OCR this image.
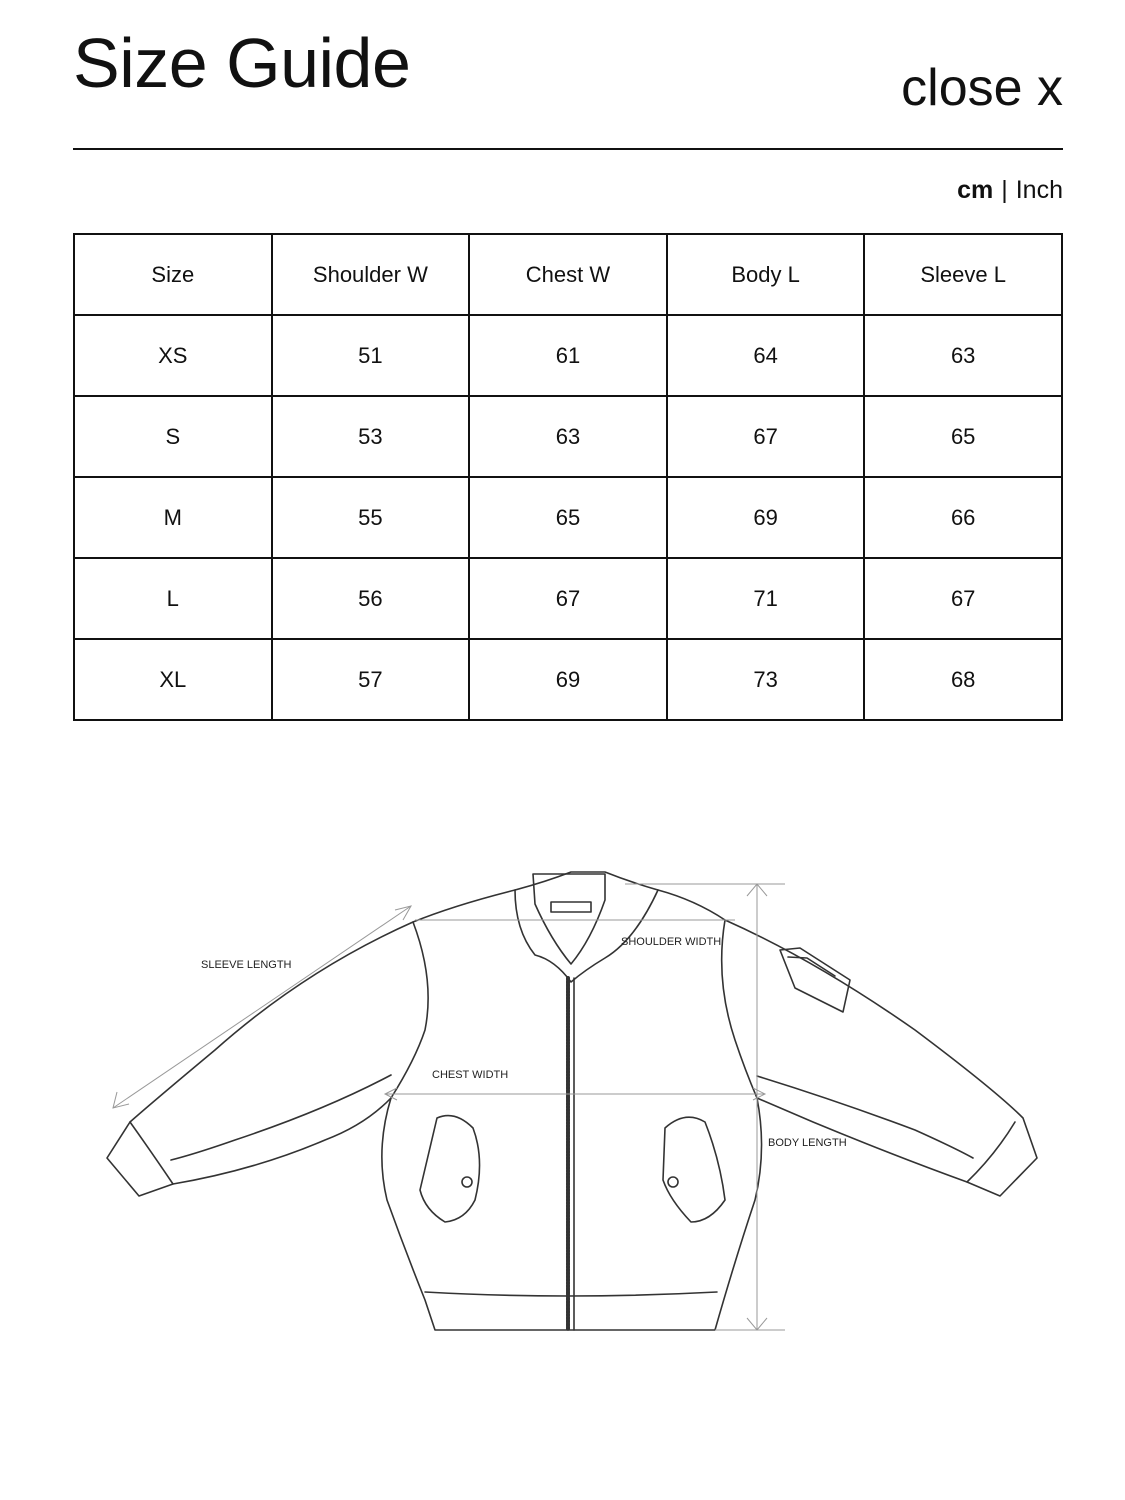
Size Guide	close x
cm | Inch
Size	Shoulder W	Chest W	Body L	Sleeve L
XS	51	61	64	63
S	53	63	67	65
M	55	65	69	66
L	56	67	71	67
XL	57	69	73	68
SLEEVE LENGTH
SHOULDER WIDTH
CHEST WIDTH
BODY LENGTH
